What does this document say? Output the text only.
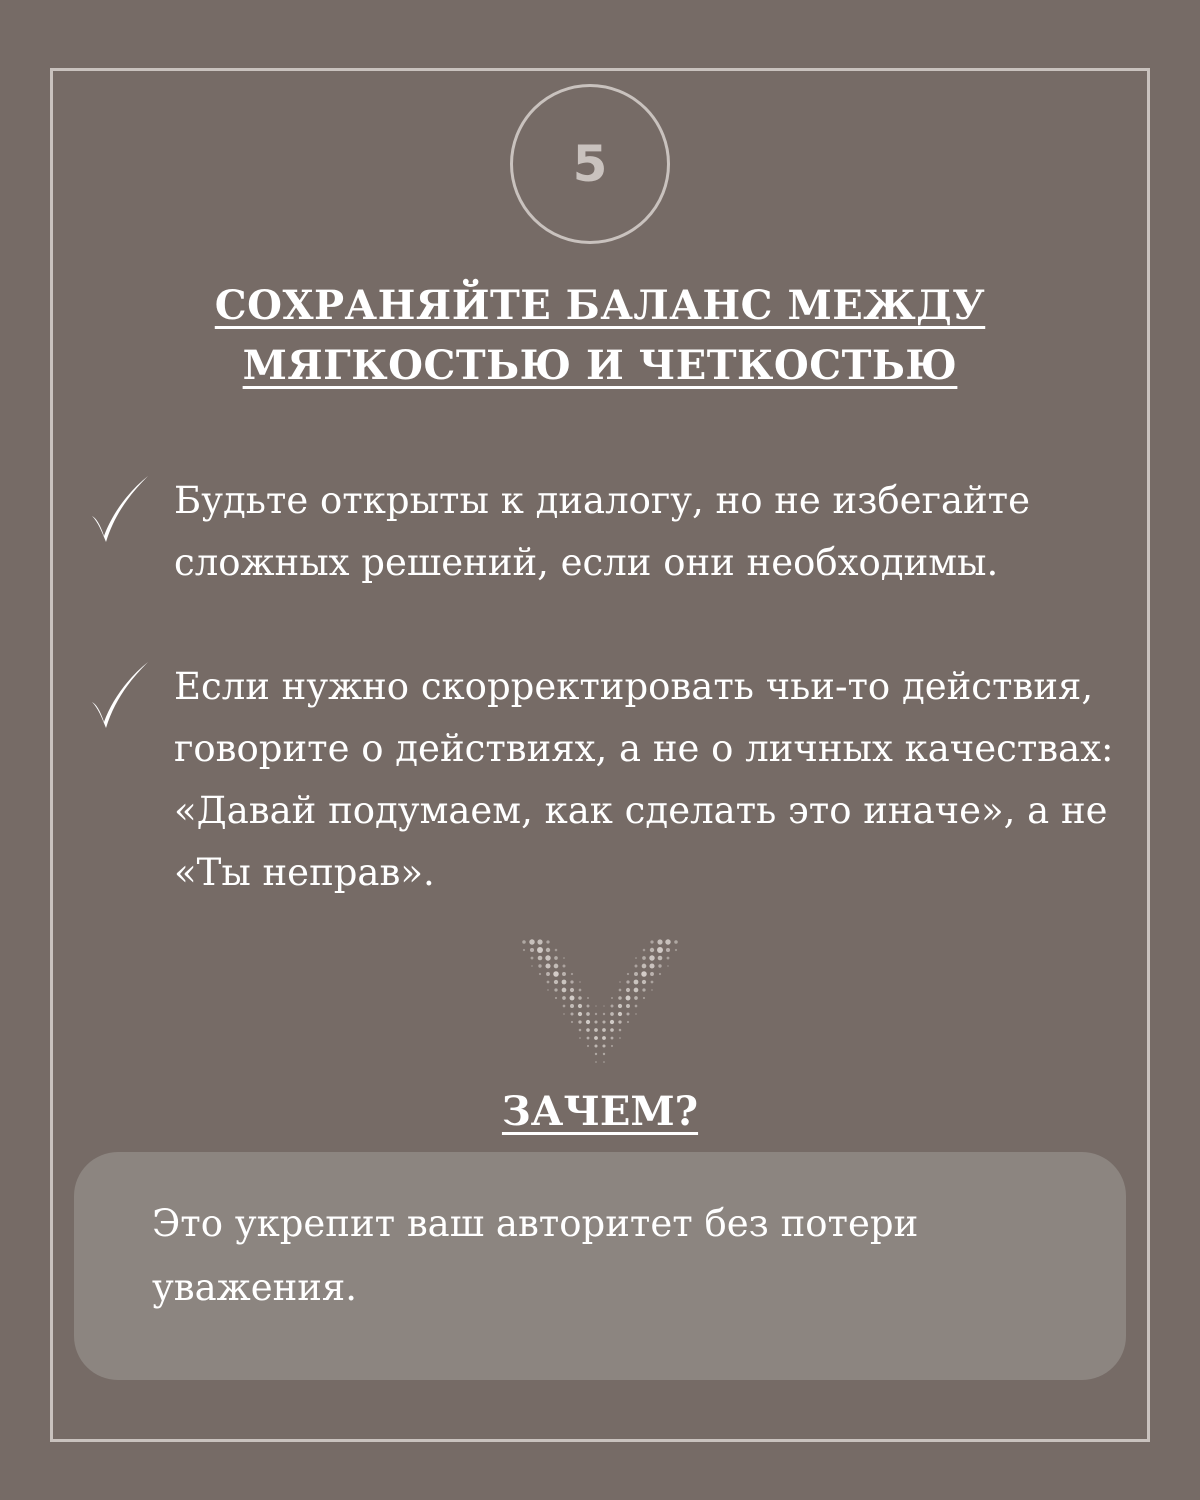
5
СОХРАНЯЙТЕ БАЛАНС МЕЖДУ
МЯГКОСТЬЮ И ЧЕТКОСТЬЮ
Будьте открыты к диалогу, но не избегайте сложных решений, если они необходимы.
Если нужно скорректировать чьи-то действия, говорите о действиях, а не о личных качествах: «Давай подумаем, как сделать это иначе», а не «Ты неправ».
ЗАЧЕМ?
Это укрепит ваш авторитет без потери уважения.
